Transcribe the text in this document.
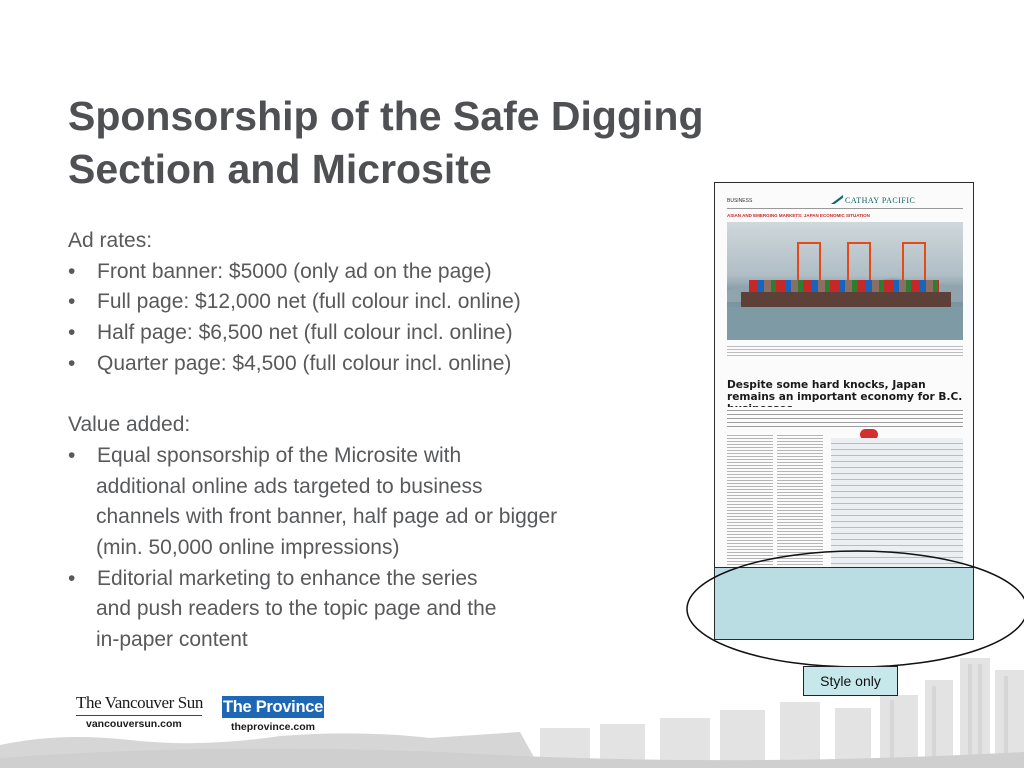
Sponsorship of the Safe Digging
Section and Microsite
Ad rates:
• Front banner: $5000 (only ad on the page)
• Full page: $12,000 net (full colour incl. online)
• Half page: $6,500 net (full colour incl. online)
• Quarter page: $4,500 (full colour incl. online)
Value added:
• Equal sponsorship of the Microsite with
additional online ads targeted to business
channels with front banner, half page ad or bigger
(min. 50,000 online impressions)
• Editorial marketing to enhance the series
and push readers to the topic page and the
in-paper content
BUSINESS	CATHAY PACIFIC
ASIAN AND EMERGING MARKETS: JAPAN ECONOMIC SITUATION
Despite some hard knocks, Japan remains an important economy for B.C.
Style only
The Vancouver Sun
vancouversun.com
The Province
theprovince.com
